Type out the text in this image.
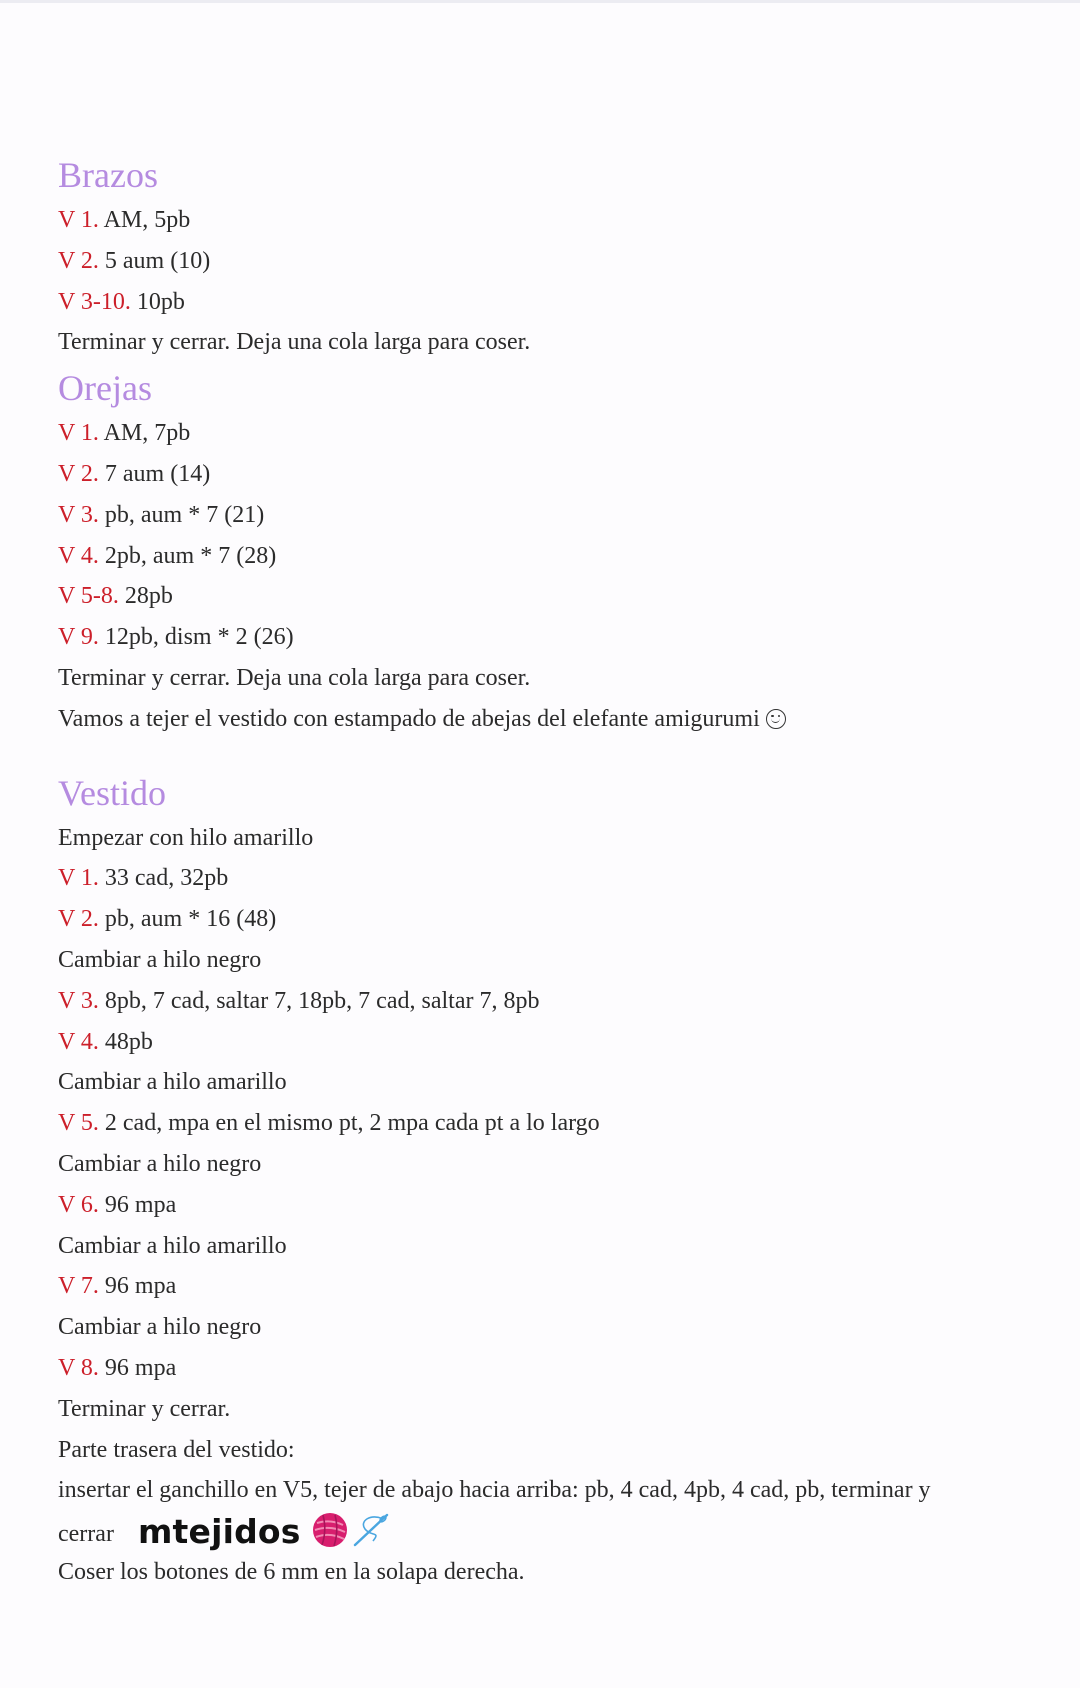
Brazos
V 1. AM, 5pb
V 2. 5 aum (10)
V 3-10. 10pb
Terminar y cerrar. Deja una cola larga para coser.
Orejas
V 1. AM, 7pb
V 2. 7 aum (14)
V 3. pb, aum * 7 (21)
V 4. 2pb, aum * 7 (28)
V 5-8. 28pb
V 9. 12pb, dism * 2 (26)
Terminar y cerrar. Deja una cola larga para coser.
Vamos a tejer el vestido con estampado de abejas del elefante amigurumi
Vestido
Empezar con hilo amarillo
V 1. 33 cad, 32pb
V 2. pb, aum * 16 (48)
Cambiar a hilo negro
V 3. 8pb, 7 cad, saltar 7, 18pb, 7 cad, saltar 7, 8pb
V 4. 48pb
Cambiar a hilo amarillo
V 5. 2 cad, mpa en el mismo pt, 2 mpa cada pt a lo largo
Cambiar a hilo negro
V 6. 96 mpa
Cambiar a hilo amarillo
V 7. 96 mpa
Cambiar a hilo negro
V 8. 96 mpa
Terminar y cerrar.
Parte trasera del vestido:
insertar el ganchillo en V5, tejer de abajo hacia arriba: pb, 4 cad, 4pb, 4 cad, pb, terminar y
cerrar mtejidos
Coser los botones de 6 mm en la solapa derecha.
